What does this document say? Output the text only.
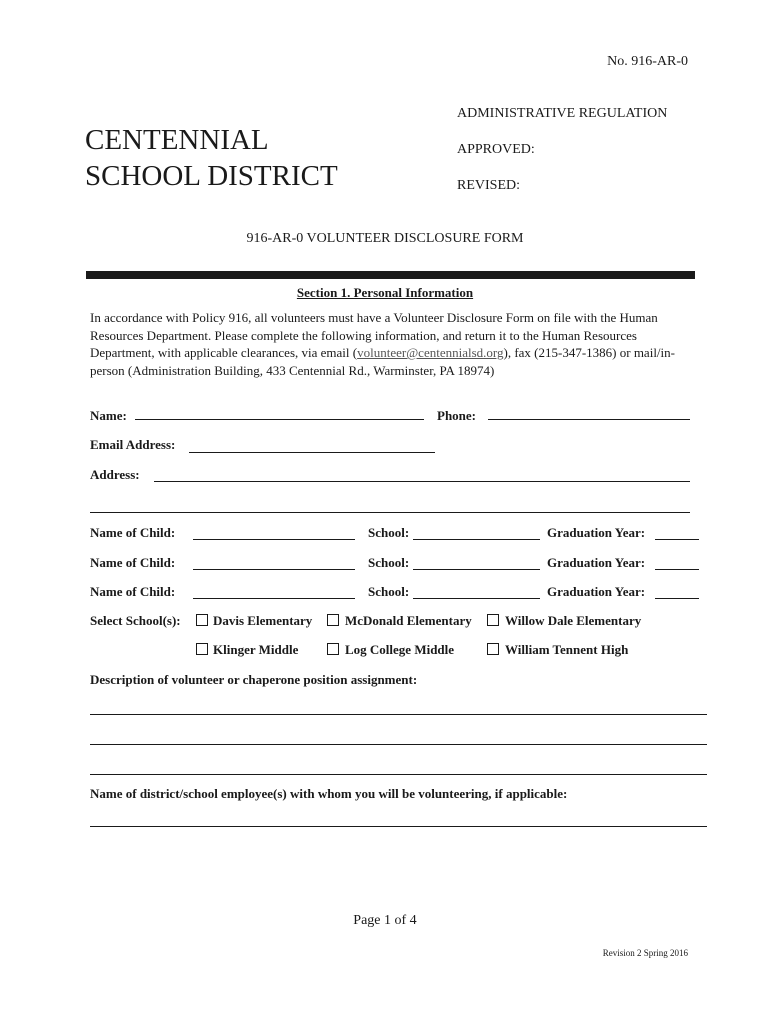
No. 916-AR-0
ADMINISTRATIVE REGULATION
APPROVED:
REVISED:
CENTENNIAL
SCHOOL DISTRICT
916-AR-0 VOLUNTEER DISCLOSURE FORM
Section 1. Personal Information
In accordance with Policy 916, all volunteers must have a Volunteer Disclosure Form on file with the Human Resources Department. Please complete the following information, and return it to the Human Resources Department, with applicable clearances, via email (volunteer@centennialsd.org), fax (215-347-1386) or mail/in-person (Administration Building, 433 Centennial Rd., Warminster, PA 18974)
Name:	Phone:
Email Address:
Address:
Name of Child:	School:	Graduation Year:
Name of Child:	School:	Graduation Year:
Name of Child:	School:	Graduation Year:
Select School(s): Davis Elementary	McDonald Elementary	Willow Dale Elementary
Klinger Middle	Log College Middle	William Tennent High
Description of volunteer or chaperone position assignment:
Name of district/school employee(s) with whom you will be volunteering, if applicable:
Page 1 of 4
Revision 2 Spring 2016
